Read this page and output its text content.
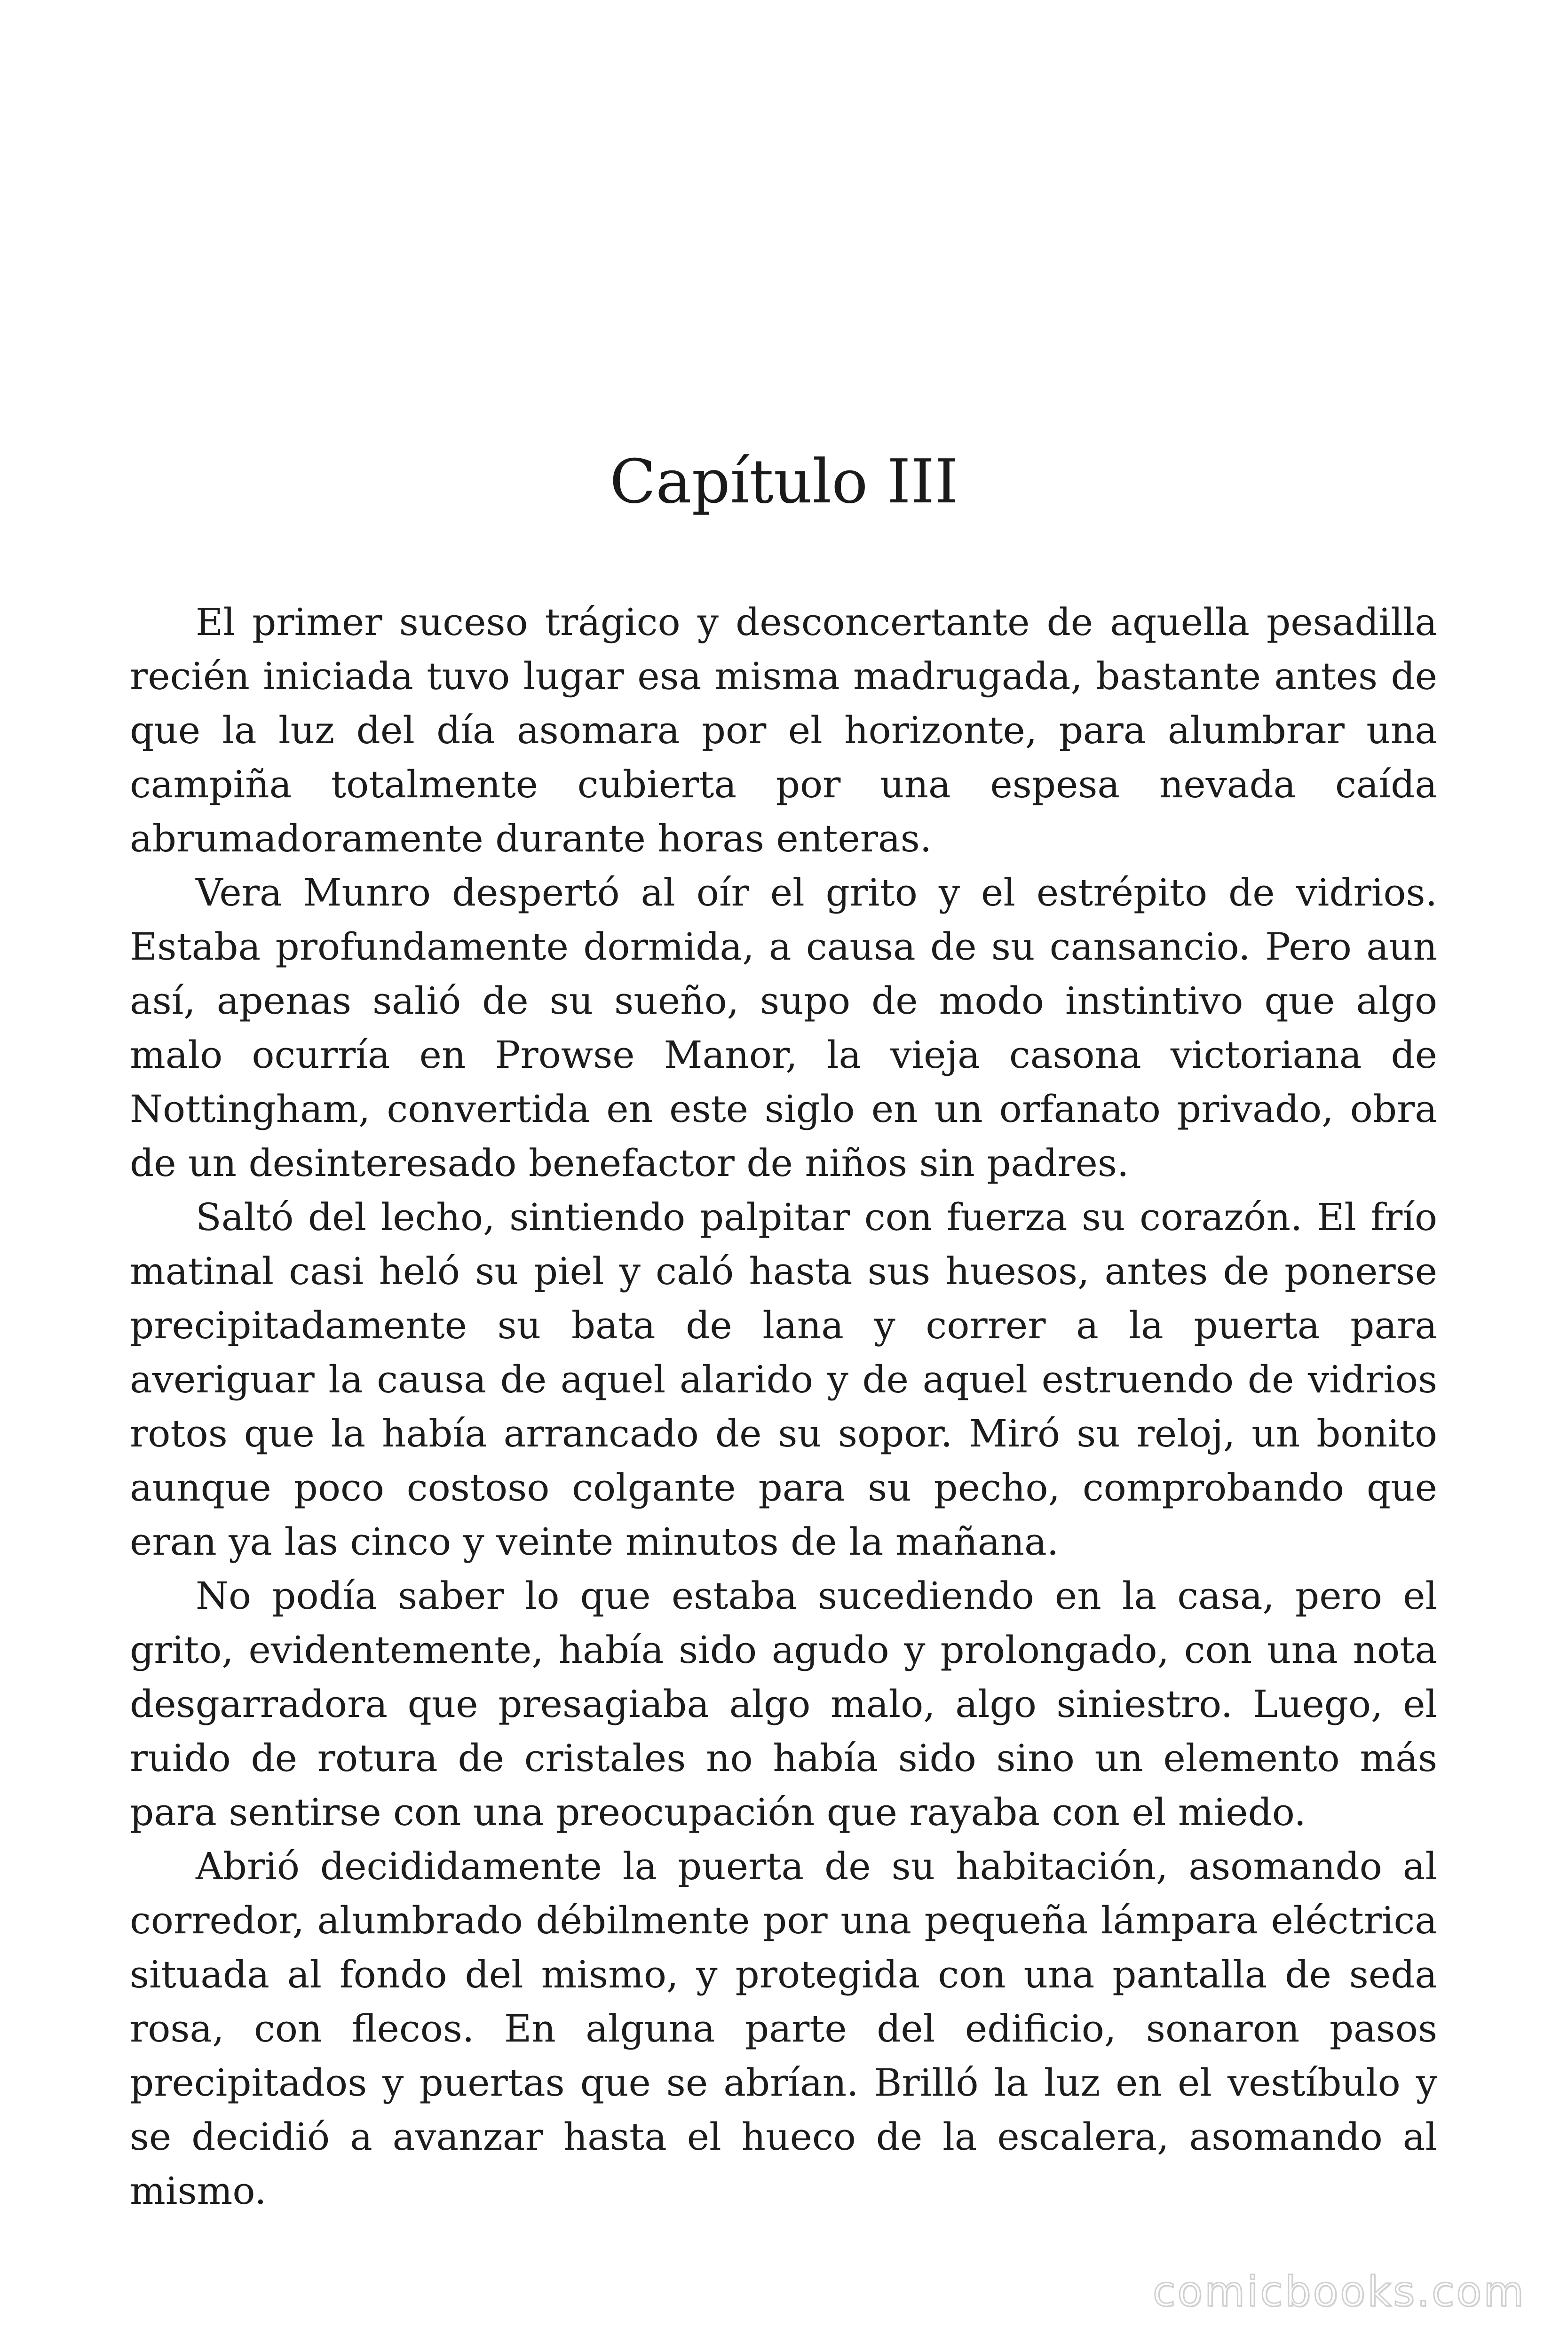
Capítulo III

El primer suceso trágico y desconcertante de aquella pesadilla recién iniciada tuvo lugar esa misma madrugada, bastante antes de que la luz del día asomara por el horizonte, para alumbrar una campiña totalmente cubierta por una espesa nevada caída abrumadoramente durante horas enteras.

Vera Munro despertó al oír el grito y el estrépito de vidrios. Estaba profundamente dormida, a causa de su cansancio. Pero aun así, apenas salió de su sueño, supo de modo instintivo que algo malo ocurría en Prowse Manor, la vieja casona victoriana de Nottingham, convertida en este siglo en un orfanato privado, obra de un desinteresado benefactor de niños sin padres.

Saltó del lecho, sintiendo palpitar con fuerza su corazón. El frío matinal casi heló su piel y caló hasta sus huesos, antes de ponerse precipitadamente su bata de lana y correr a la puerta para averiguar la causa de aquel alarido y de aquel estruendo de vidrios rotos que la había arrancado de su sopor. Miró su reloj, un bonito aunque poco costoso colgante para su pecho, comprobando que eran ya las cinco y veinte minutos de la mañana.

No podía saber lo que estaba sucediendo en la casa, pero el grito, evidentemente, había sido agudo y prolongado, con una nota desgarradora que presagiaba algo malo, algo siniestro. Luego, el ruido de rotura de cristales no había sido sino un elemento más para sentirse con una preocupación que rayaba con el miedo.

Abrió decididamente la puerta de su habitación, asomando al corredor, alumbrado débilmente por una pequeña lámpara eléctrica situada al fondo del mismo, y protegida con una pantalla de seda rosa, con flecos. En alguna parte del edificio, sonaron pasos precipitados y puertas que se abrían. Brilló la luz en el vestíbulo y se decidió a avanzar hasta el hueco de la escalera, asomando al mismo.

comicbooks.com
